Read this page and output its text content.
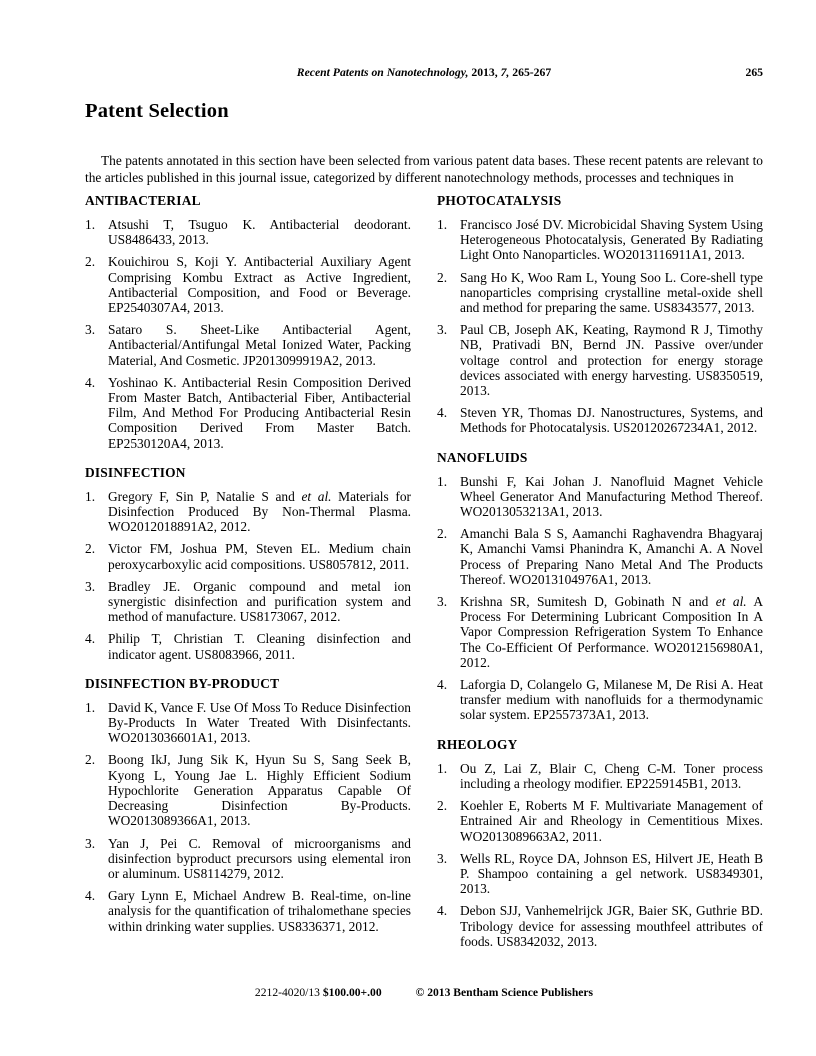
Recent Patents on Nanotechnology, 2013, 7, 265-267	265
Patent Selection

The patents annotated in this section have been selected from various patent data bases. These recent patents are relevant to the articles published in this journal issue, categorized by different nanotechnology methods, processes and techniques in

ANTIBACTERIAL
1. Atsushi T, Tsuguo K. Antibacterial deodorant. US8486433, 2013.
2. Kouichirou S, Koji Y. Antibacterial Auxiliary Agent Comprising Kombu Extract as Active Ingredient, Antibacterial Composition, and Food or Beverage. EP2540307A4, 2013.
3. Sataro S. Sheet-Like Antibacterial Agent, Antibacterial/Antifungal Metal Ionized Water, Packing Material, And Cosmetic. JP2013099919A2, 2013.
4. Yoshinao K. Antibacterial Resin Composition Derived From Master Batch, Antibacterial Fiber, Antibacterial Film, And Method For Producing Antibacterial Resin Composition Derived From Master Batch. EP2530120A4, 2013.
DISINFECTION
1. Gregory F, Sin P, Natalie S and et al. Materials for Disinfection Produced By Non-Thermal Plasma. WO2012018891A2, 2012.
2. Victor FM, Joshua PM, Steven EL. Medium chain peroxycarboxylic acid compositions. US8057812, 2011.
3. Bradley JE. Organic compound and metal ion synergistic disinfection and purification system and method of manufacture. US8173067, 2012.
4. Philip T, Christian T. Cleaning disinfection and indicator agent. US8083966, 2011.
DISINFECTION BY-PRODUCT
1. David K, Vance F. Use Of Moss To Reduce Disinfection By-Products In Water Treated With Disinfectants. WO2013036601A1, 2013.
2. Boong IkJ, Jung Sik K, Hyun Su S, Sang Seek B, Kyong L, Young Jae L. Highly Efficient Sodium Hypochlorite Generation Apparatus Capable Of Decreasing Disinfection By-Products. WO2013089366A1, 2013.
3. Yan J, Pei C. Removal of microorganisms and disinfection byproduct precursors using elemental iron or aluminum. US8114279, 2012.
4. Gary Lynn E, Michael Andrew B. Real-time, on-line analysis for the quantification of trihalomethane species within drinking water supplies. US8336371, 2012.
PHOTOCATALYSIS
1. Francisco José DV. Microbicidal Shaving System Using Heterogeneous Photocatalysis, Generated By Radiating Light Onto Nanoparticles. WO2013116911A1, 2013.
2. Sang Ho K, Woo Ram L, Young Soo L. Core-shell type nanoparticles comprising crystalline metal-oxide shell and method for preparing the same. US8343577, 2013.
3. Paul CB, Joseph AK, Keating, Raymond R J, Timothy NB, Prativadi BN, Bernd JN. Passive over/under voltage control and protection for energy storage devices associated with energy harvesting. US8350519, 2013.
4. Steven YR, Thomas DJ. Nanostructures, Systems, and Methods for Photocatalysis. US20120267234A1, 2012.
NANOFLUIDS
1. Bunshi F, Kai Johan J. Nanofluid Magnet Vehicle Wheel Generator And Manufacturing Method Thereof. WO2013053213A1, 2013.
2. Amanchi Bala S S, Aamanchi Raghavendra Bhagyaraj K, Amanchi Vamsi Phanindra K, Amanchi A. A Novel Process of Preparing Nano Metal And The Products Thereof. WO2013104976A1, 2013.
3. Krishna SR, Sumitesh D, Gobinath N and et al. A Process For Determining Lubricant Composition In A Vapor Compression Refrigeration System To Enhance The Co-Efficient Of Performance. WO2012156980A1, 2012.
4. Laforgia D, Colangelo G, Milanese M, De Risi A. Heat transfer medium with nanofluids for a thermodynamic solar system. EP2557373A1, 2013.
RHEOLOGY
1. Ou Z, Lai Z, Blair C, Cheng C-M. Toner process including a rheology modifier. EP2259145B1, 2013.
2. Koehler E, Roberts M F. Multivariate Management of Entrained Air and Rheology in Cementitious Mixes. WO2013089663A2, 2011.
3. Wells RL, Royce DA, Johnson ES, Hilvert JE, Heath B P. Shampoo containing a gel network. US8349301, 2013.
4. Debon SJJ, Vanhemelrijck JGR, Baier SK, Guthrie BD. Tribology device for assessing mouthfeel attributes of foods. US8342032, 2013.
2212-4020/13 $100.00+.00	© 2013 Bentham Science Publishers
